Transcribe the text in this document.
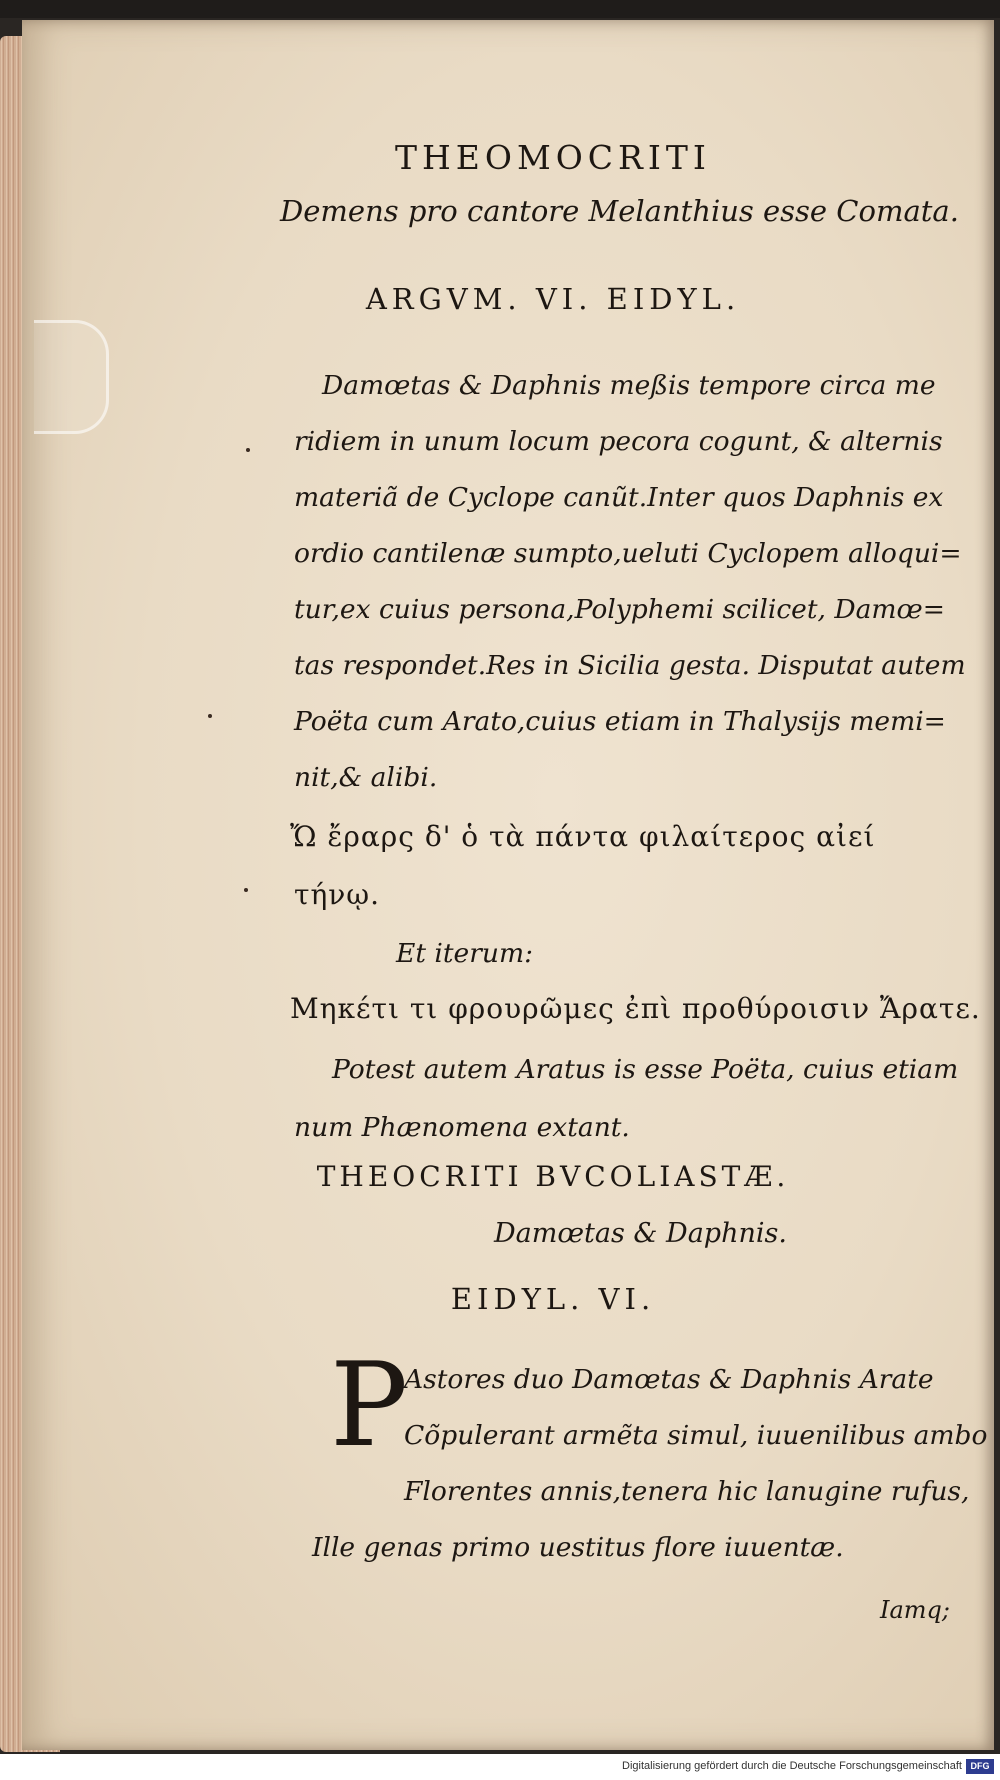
THEOMOCRITI

Demens pro cantore Melanthius esse Comata.

ARGVM. VI. EIDYL.

Damœtas & Daphnis meßis tempore circa me

ridiem in unum locum pecora cogunt, & alternis

materiã de Cyclope canũt.Inter quos Daphnis ex

ordio cantilenæ sumpto,ueluti Cyclopem alloqui=

tur,ex cuius persona,Polyphemi scilicet, Damœ=

tas respondet.Res in Sicilia gesta. Disputat autem

Poëta cum Arato,cuius etiam in Thalysijs memi=

nit,& alibi.

Ὤ ἔραρς δ' ὁ τὰ πάντα φιλαίτερος αἰεί

τήνῳ.

Et iterum:

Μηκέτι τι φρουρῶμες ἐπὶ προθύροισιν Ἄρατε.

Potest autem Aratus is esse Poëta, cuius etiam

num Phænomena extant.

THEOCRITI BVCOLIASTÆ.

Damœtas & Daphnis.

EIDYL. VI.

P

Astores duo Damœtas & Daphnis Arate

Cõpulerant armẽta simul, iuuenilibus ambo

Florentes annis,tenera hic lanugine rufus,

Ille genas primo uestitus flore iuuentæ.

Iamq;

Digitalisierung gefördert durch die Deutsche Forschungsgemeinschaft DFG
